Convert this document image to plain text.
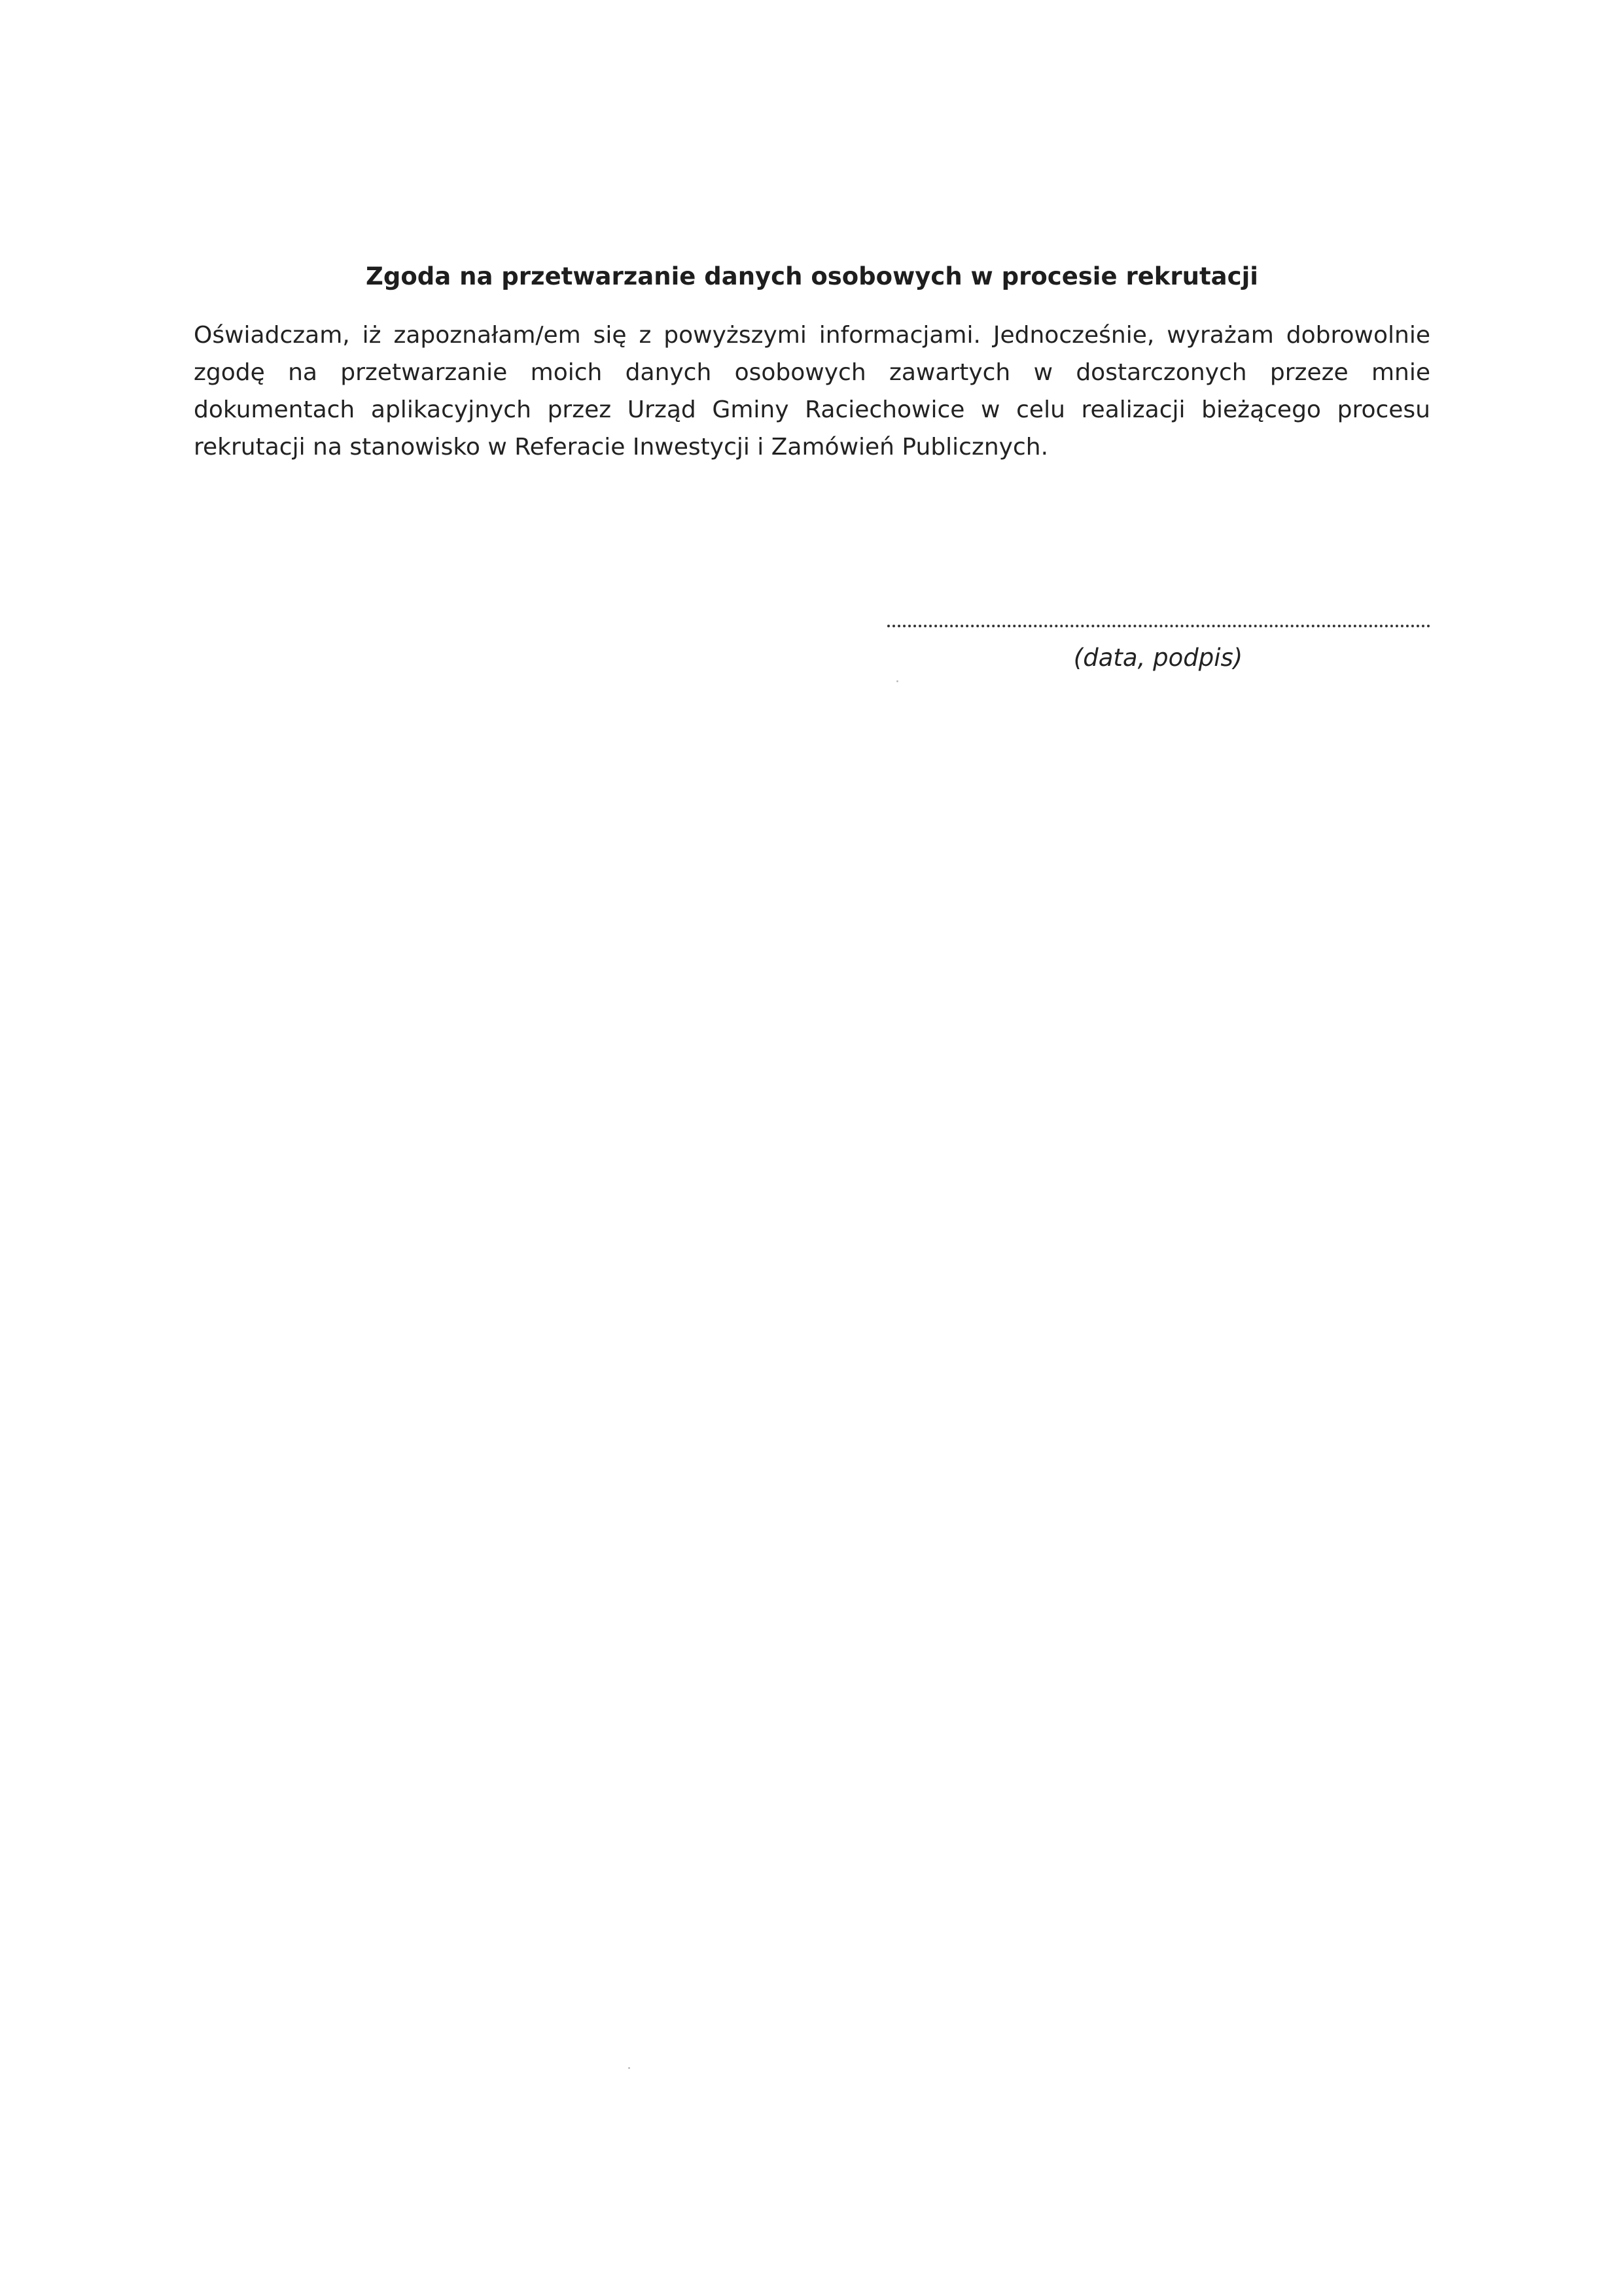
Zgoda na przetwarzanie danych osobowych w procesie rekrutacji
Oświadczam, iż zapoznałam/em się z powyższymi informacjami. Jednocześnie, wyrażam dobrowolnie
zgodę na przetwarzanie moich danych osobowych zawartych w dostarczonych przeze mnie
dokumentach aplikacyjnych przez Urząd Gminy Raciechowice w celu realizacji bieżącego procesu
rekrutacji na stanowisko w Referacie Inwestycji i Zamówień Publicznych.
(data, podpis)
